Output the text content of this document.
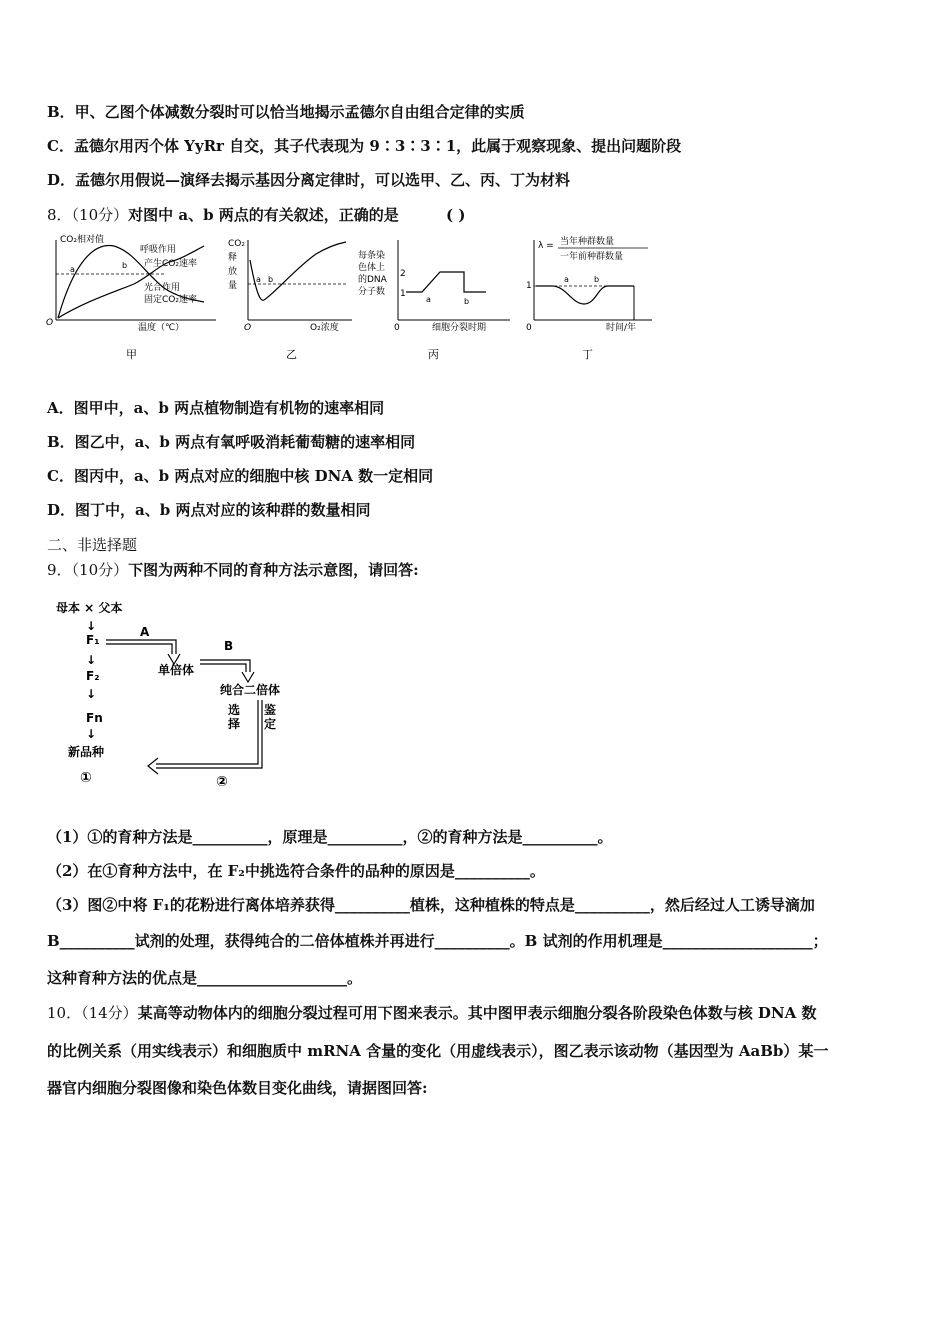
B．甲、乙图个体减数分裂时可以恰当地揭示孟德尔自由组合定律的实质
C．孟德尔用丙个体 YyRr 自交，其子代表现为 9∶3∶3∶1，此属于观察现象、提出问题阶段
D．孟德尔用假说—演绎去揭示基因分离定律时，可以选甲、乙、丙、丁为材料
8．（10分）对图中 a、b 两点的有关叙述，正确的是	( )
CO₂相对值
O
a	b
呼吸作用
产生CO₂速率
光合作用
固定CO₂速率
温度（℃）
甲
CO₂
释
放
量
O
a b
O₂浓度
乙
每条染
色体上
的DNA
分子数
2
1
0
a	b
细胞分裂时期
丙
λ = 当年种群数量
一年前种群数量
1
0
a	b
时间/年
丁
A．图甲中，a、b 两点植物制造有机物的速率相同
B．图乙中，a、b 两点有氧呼吸消耗葡萄糖的速率相同
C．图丙中，a、b 两点对应的细胞中核 DNA 数一定相同
D．图丁中，a、b 两点对应的该种群的数量相同
二、非选择题
9．（10分）下图为两种不同的育种方法示意图，请回答:
母本 × 父本
↓
F₁
↓
F₂
↓
Fn
↓
新品种
①
A
单倍体
B
纯合二倍体
选
择
鉴
定
②
（1）①的育种方法是__________，原理是__________，②的育种方法是__________。
（2）在①育种方法中，在 F₂中挑选符合条件的品种的原因是__________。
（3）图②中将 F₁的花粉进行离体培养获得__________植株，这种植株的特点是__________，然后经过人工诱导滴加
B__________试剂的处理，获得纯合的二倍体植株并再进行__________。B 试剂的作用机理是____________________；
这种育种方法的优点是____________________。
10．（14分）某高等动物体内的细胞分裂过程可用下图来表示。其中图甲表示细胞分裂各阶段染色体数与核 DNA 数
的比例关系（用实线表示）和细胞质中 mRNA 含量的变化（用虚线表示），图乙表示该动物（基因型为 AaBb）某一
器官内细胞分裂图像和染色体数目变化曲线，请据图回答:
